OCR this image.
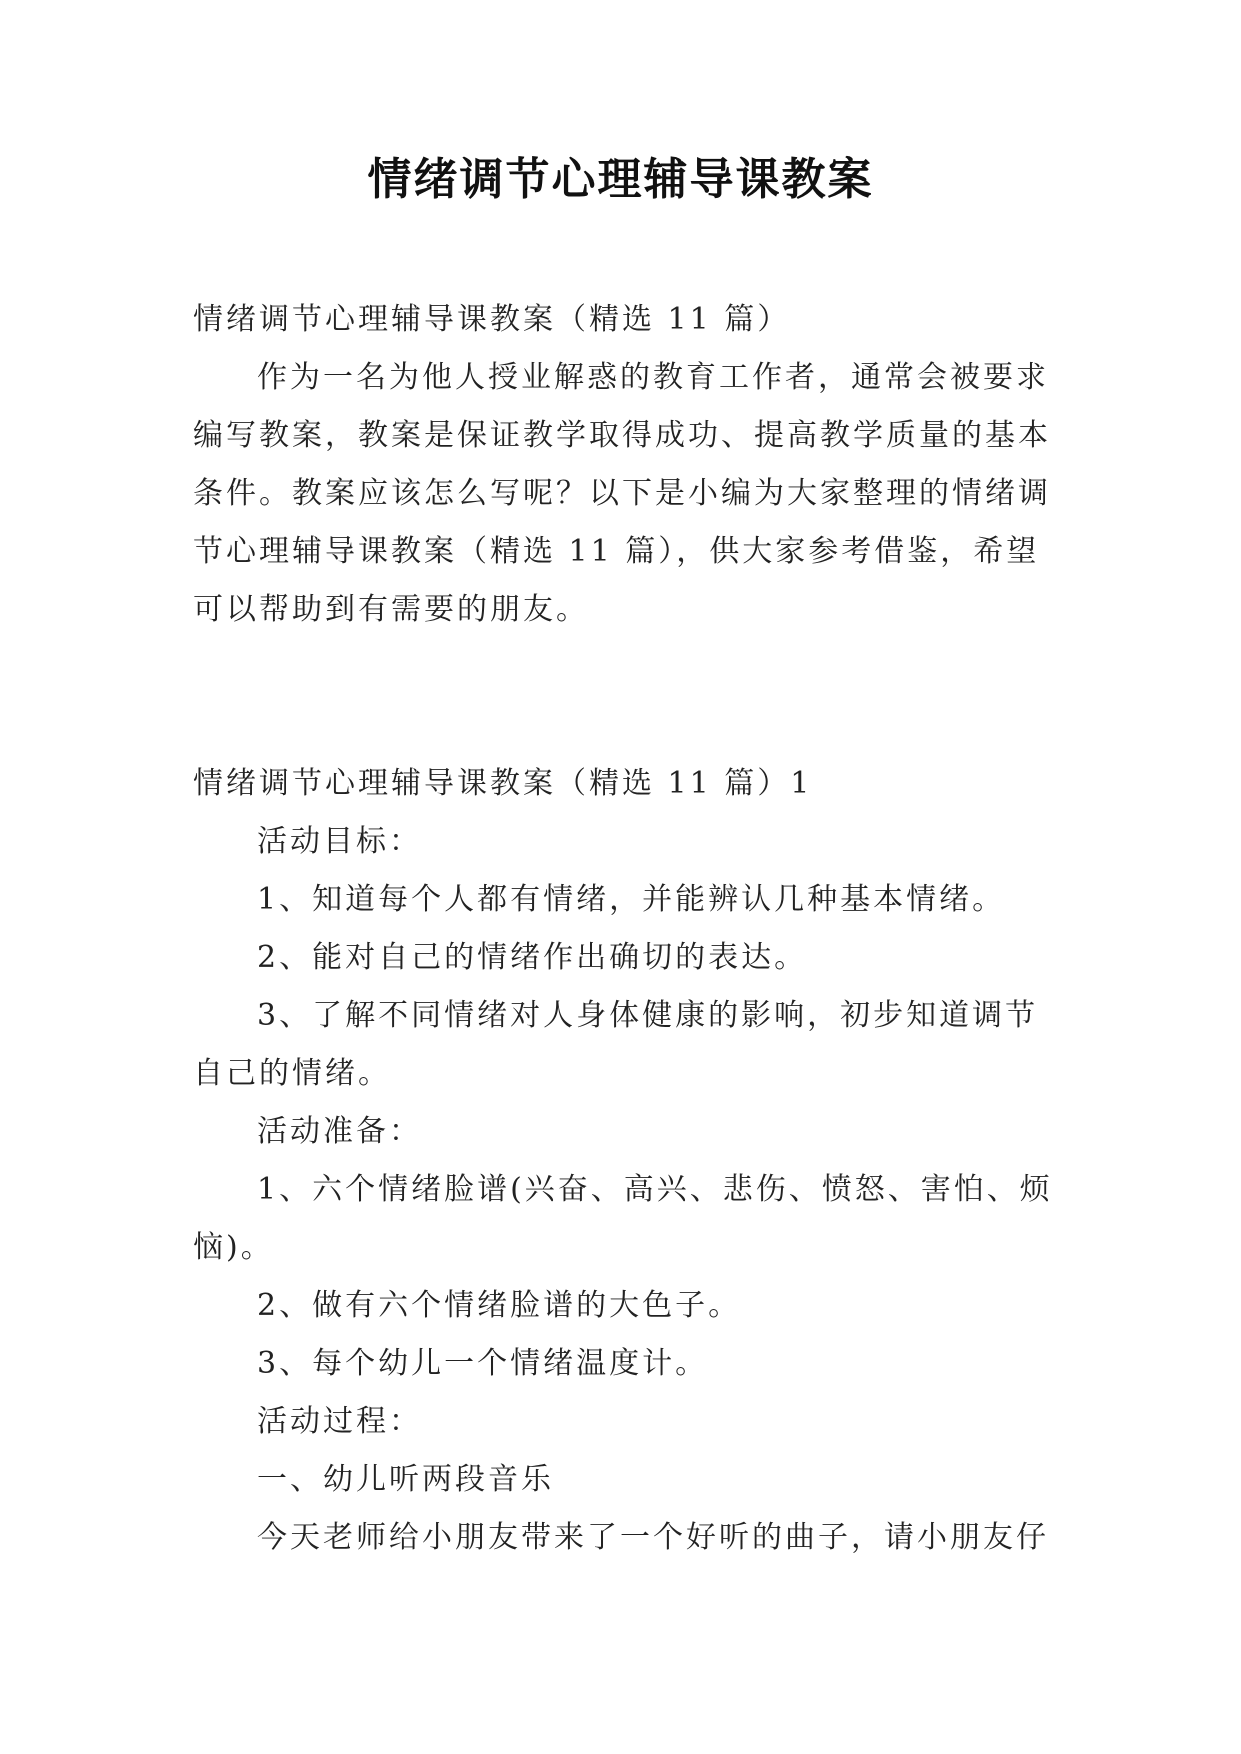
情绪调节心理辅导课教案

情绪调节心理辅导课教案（精选 11 篇）

作为一名为他人授业解惑的教育工作者，通常会被要求编写教案，教案是保证教学取得成功、提高教学质量的基本条件。教案应该怎么写呢？以下是小编为大家整理的情绪调节心理辅导课教案（精选 11 篇），供大家参考借鉴，希望可以帮助到有需要的朋友。

情绪调节心理辅导课教案（精选 11 篇）1

活动目标：

1、知道每个人都有情绪，并能辨认几种基本情绪。

2、能对自己的情绪作出确切的表达。

3、了解不同情绪对人身体健康的影响，初步知道调节自己的情绪。

活动准备：

1、六个情绪脸谱(兴奋、高兴、悲伤、愤怒、害怕、烦恼)。

2、做有六个情绪脸谱的大色子。

3、每个幼儿一个情绪温度计。

活动过程：

一、幼儿听两段音乐

今天老师给小朋友带来了一个好听的曲子，请小朋友仔
